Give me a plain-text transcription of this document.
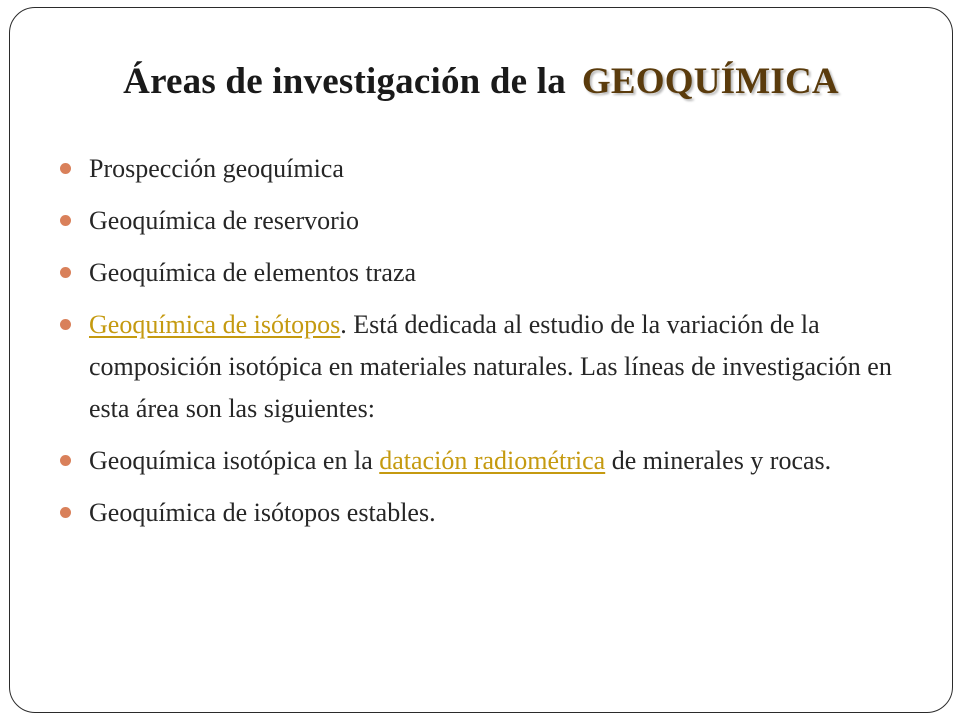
Áreas de investigación de la GEOQUÍMICA
Prospección geoquímica
Geoquímica de reservorio
Geoquímica de elementos traza
Geoquímica de isótopos. Está dedicada al estudio de la variación de la composición isotópica en materiales naturales. Las líneas de investigación en esta área son las siguientes:
Geoquímica isotópica en la datación radiométrica de minerales y rocas.
Geoquímica de isótopos estables.
